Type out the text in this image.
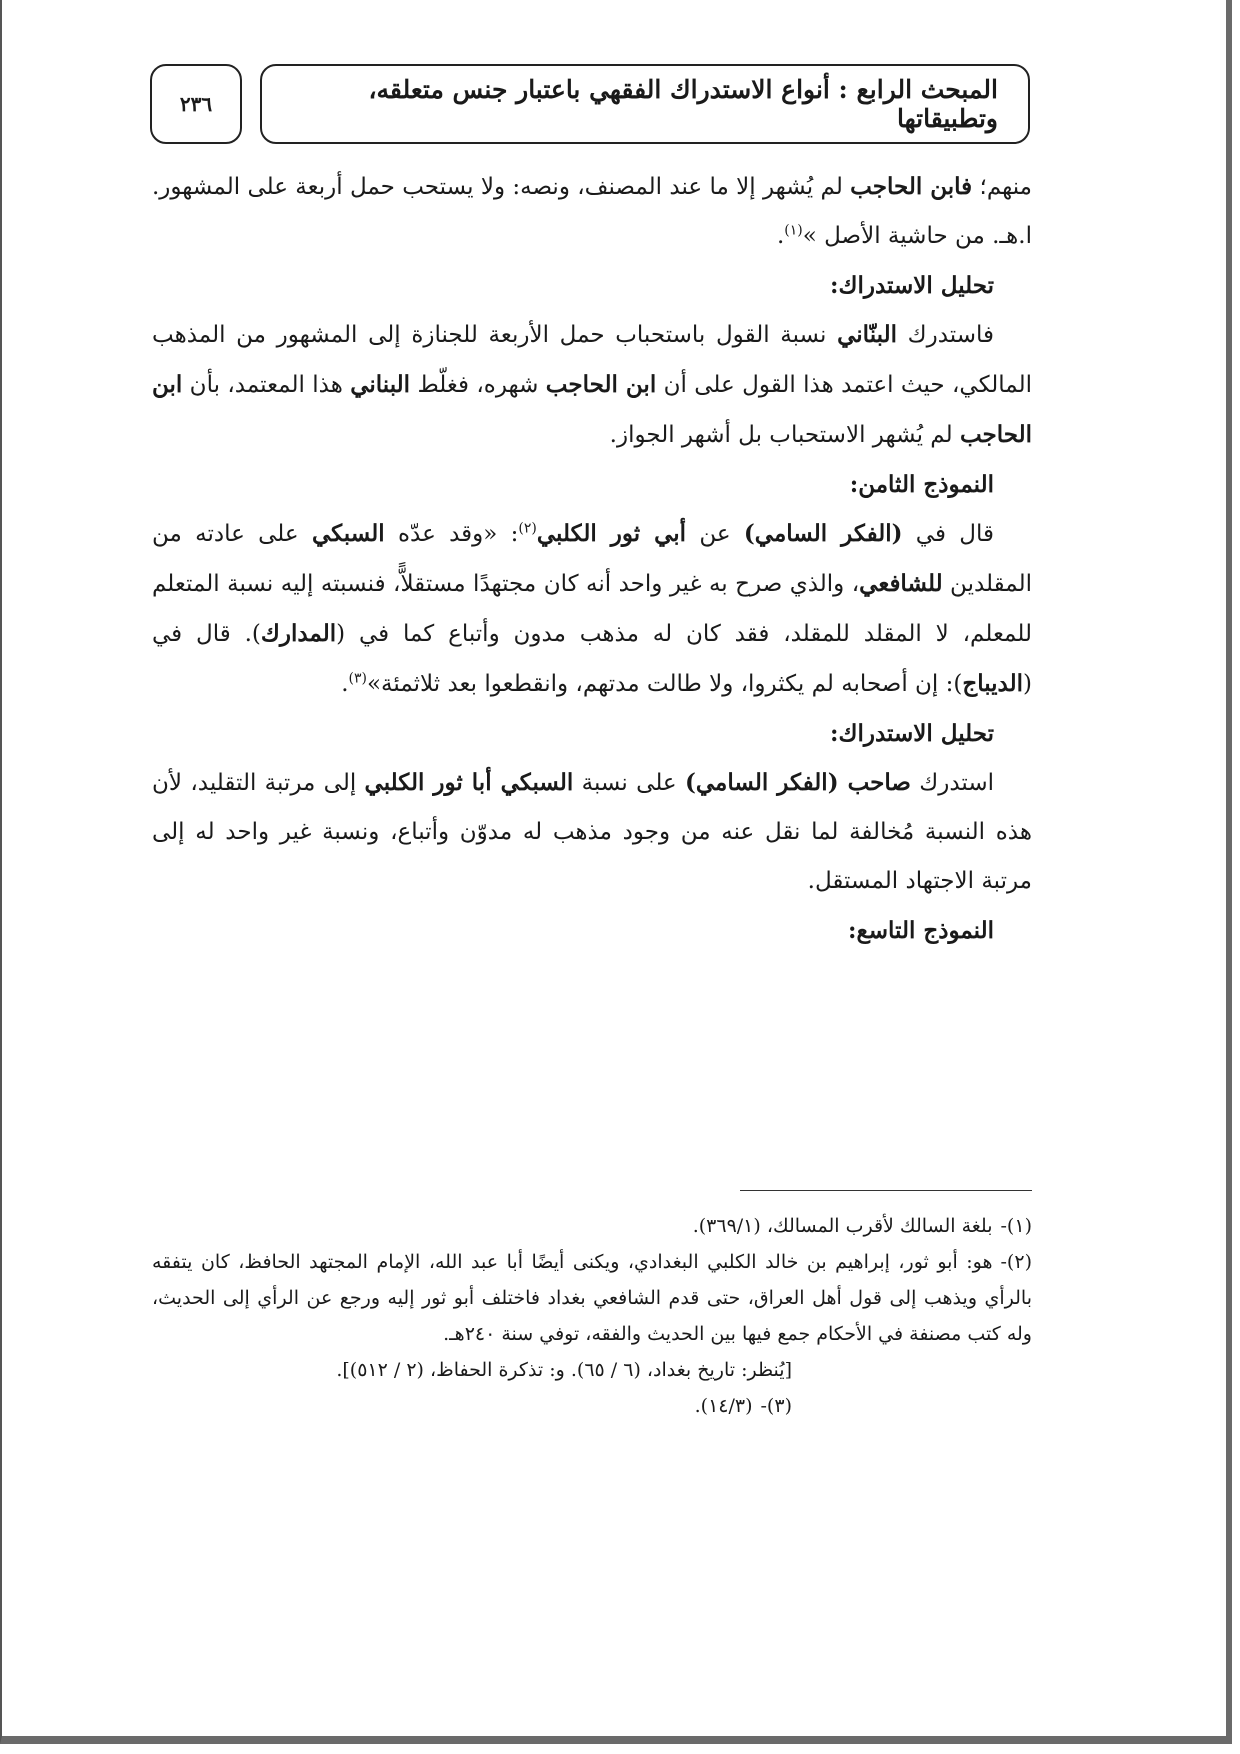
المبحث الرابع : أنواع الاستدراك الفقهي باعتبار جنس متعلقه، وتطبيقاتها
٢٣٦

منهم؛ فابن الحاجب لم يُشهر إلا ما عند المصنف، ونصه: ولا يستحب حمل أربعة على المشهور. ا.هـ. من حاشية الأصل »$^{(١)}$.

تحليل الاستدراك:

فاستدرك البنّاني نسبة القول باستحباب حمل الأربعة للجنازة إلى المشهور من المذهب المالكي، حيث اعتمد هذا القول على أن ابن الحاجب شهره، فغلّط البناني هذا المعتمد، بأن ابن الحاجب لم يُشهر الاستحباب بل أشهر الجواز.

النموذج الثامن:

قال في (الفكر السامي) عن أبي ثور الكلبي$^{(٢)}$: «وقد عدّه السبكي على عادته من المقلدين للشافعي، والذي صرح به غير واحد أنه كان مجتهدًا مستقلاًّ، فنسبته إليه نسبة المتعلم للمعلم، لا المقلد للمقلد، فقد كان له مذهب مدون وأتباع كما في (المدارك). قال في (الديباج): إن أصحابه لم يكثروا، ولا طالت مدتهم، وانقطعوا بعد ثلاثمئة»$^{(٣)}$.

تحليل الاستدراك:

استدرك صاحب (الفكر السامي) على نسبة السبكي أبا ثور الكلبي إلى مرتبة التقليد، لأن هذه النسبة مُخالفة لما نقل عنه من وجود مذهب له مدوّن وأتباع، ونسبة غير واحد له إلى مرتبة الاجتهاد المستقل.

النموذج التاسع:

(١)-بلغة السالك لأقرب المسالك، (٣٦٩/١).

(٢)-هو: أبو ثور، إبراهيم بن خالد الكلبي البغدادي، ويكنى أيضًا أبا عبد الله، الإمام المجتهد الحافظ، كان يتفقه بالرأي ويذهب إلى قول أهل العراق، حتى قدم الشافعي بغداد فاختلف أبو ثور إليه ورجع عن الرأي إلى الحديث، وله كتب مصنفة في الأحكام جمع فيها بين الحديث والفقه، توفي سنة ٢٤٠هـ.

[يُنظر: تاريخ بغداد، (٦ / ٦٥). و: تذكرة الحفاظ، (٢ / ٥١٢)].

(٣)-(١٤/٣).
